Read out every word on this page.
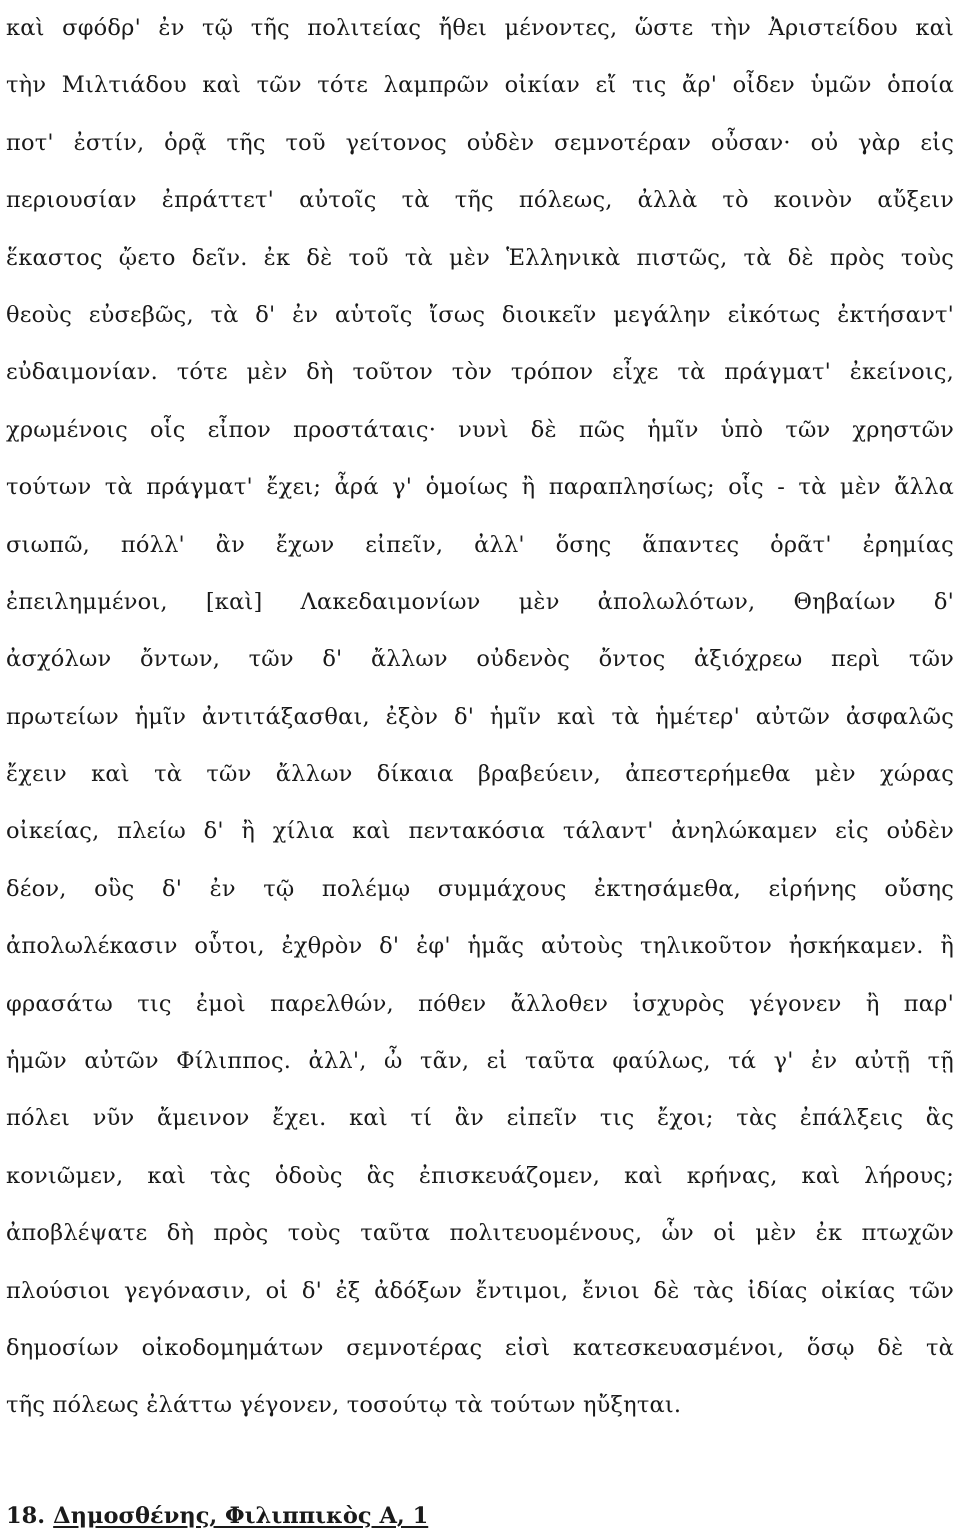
καὶ σφόδρ' ἐν τῷ τῆς πολιτείας ἤθει μένοντες, ὥστε τὴν Ἀριστείδου καὶ
τὴν Μιλτιάδου καὶ τῶν τότε λαμπρῶν οἰκίαν εἴ τις ἄρ' οἶδεν ὑμῶν ὁποία
ποτ' ἐστίν, ὁρᾷ τῆς τοῦ γείτονος οὐδὲν σεμνοτέραν οὖσαν· οὐ γὰρ εἰς
περιουσίαν ἐπράττετ' αὐτοῖς τὰ τῆς πόλεως, ἀλλὰ τὸ κοινὸν αὔξειν
ἕκαστος ᾤετο δεῖν. ἐκ δὲ τοῦ τὰ μὲν Ἑλληνικὰ πιστῶς, τὰ δὲ πρὸς τοὺς
θεοὺς εὐσεβῶς, τὰ δ' ἐν αὑτοῖς ἴσως διοικεῖν μεγάλην εἰκότως ἐκτήσαντ'
εὐδαιμονίαν. τότε μὲν δὴ τοῦτον τὸν τρόπον εἶχε τὰ πράγματ' ἐκείνοις,
χρωμένοις οἷς εἶπον προστάταις· νυνὶ δὲ πῶς ἡμῖν ὑπὸ τῶν χρηστῶν
τούτων τὰ πράγματ' ἔχει; ἆρά γ' ὁμοίως ἢ παραπλησίως; οἷς - τὰ μὲν ἄλλα
σιωπῶ, πόλλ' ἂν ἔχων εἰπεῖν, ἀλλ' ὅσης ἅπαντες ὁρᾶτ' ἐρημίας
ἐπειλημμένοι, [καὶ] Λακεδαιμονίων μὲν ἀπολωλότων, Θηβαίων δ'
ἀσχόλων ὄντων, τῶν δ' ἄλλων οὐδενὸς ὄντος ἀξιόχρεω περὶ τῶν
πρωτείων ἡμῖν ἀντιτάξασθαι, ἐξὸν δ' ἡμῖν καὶ τὰ ἡμέτερ' αὐτῶν ἀσφαλῶς
ἔχειν καὶ τὰ τῶν ἄλλων δίκαια βραβεύειν, ἀπεστερήμεθα μὲν χώρας
οἰκείας, πλείω δ' ἢ χίλια καὶ πεντακόσια τάλαντ' ἀνηλώκαμεν εἰς οὐδὲν
δέον, οὓς δ' ἐν τῷ πολέμῳ συμμάχους ἐκτησάμεθα, εἰρήνης οὔσης
ἀπολωλέκασιν οὗτοι, ἐχθρὸν δ' ἐφ' ἡμᾶς αὐτοὺς τηλικοῦτον ἠσκήκαμεν. ἢ
φρασάτω τις ἐμοὶ παρελθών, πόθεν ἄλλοθεν ἰσχυρὸς γέγονεν ἢ παρ'
ἡμῶν αὐτῶν Φίλιππος. ἀλλ', ὦ τᾶν, εἰ ταῦτα φαύλως, τά γ' ἐν αὐτῇ τῇ
πόλει νῦν ἄμεινον ἔχει. καὶ τί ἂν εἰπεῖν τις ἔχοι; τὰς ἐπάλξεις ἃς
κονιῶμεν, καὶ τὰς ὁδοὺς ἃς ἐπισκευάζομεν, καὶ κρήνας, καὶ λήρους;
ἀποβλέψατε δὴ πρὸς τοὺς ταῦτα πολιτευομένους, ὧν οἱ μὲν ἐκ πτωχῶν
πλούσιοι γεγόνασιν, οἱ δ' ἐξ ἀδόξων ἔντιμοι, ἔνιοι δὲ τὰς ἰδίας οἰκίας τῶν
δημοσίων οἰκοδομημάτων σεμνοτέρας εἰσὶ κατεσκευασμένοι, ὅσῳ δὲ τὰ
τῆς πόλεως ἐλάττω γέγονεν, τοσούτῳ τὰ τούτων ηὔξηται.
18. Δημοσθένης, Φιλιππικὸς Α, 1
